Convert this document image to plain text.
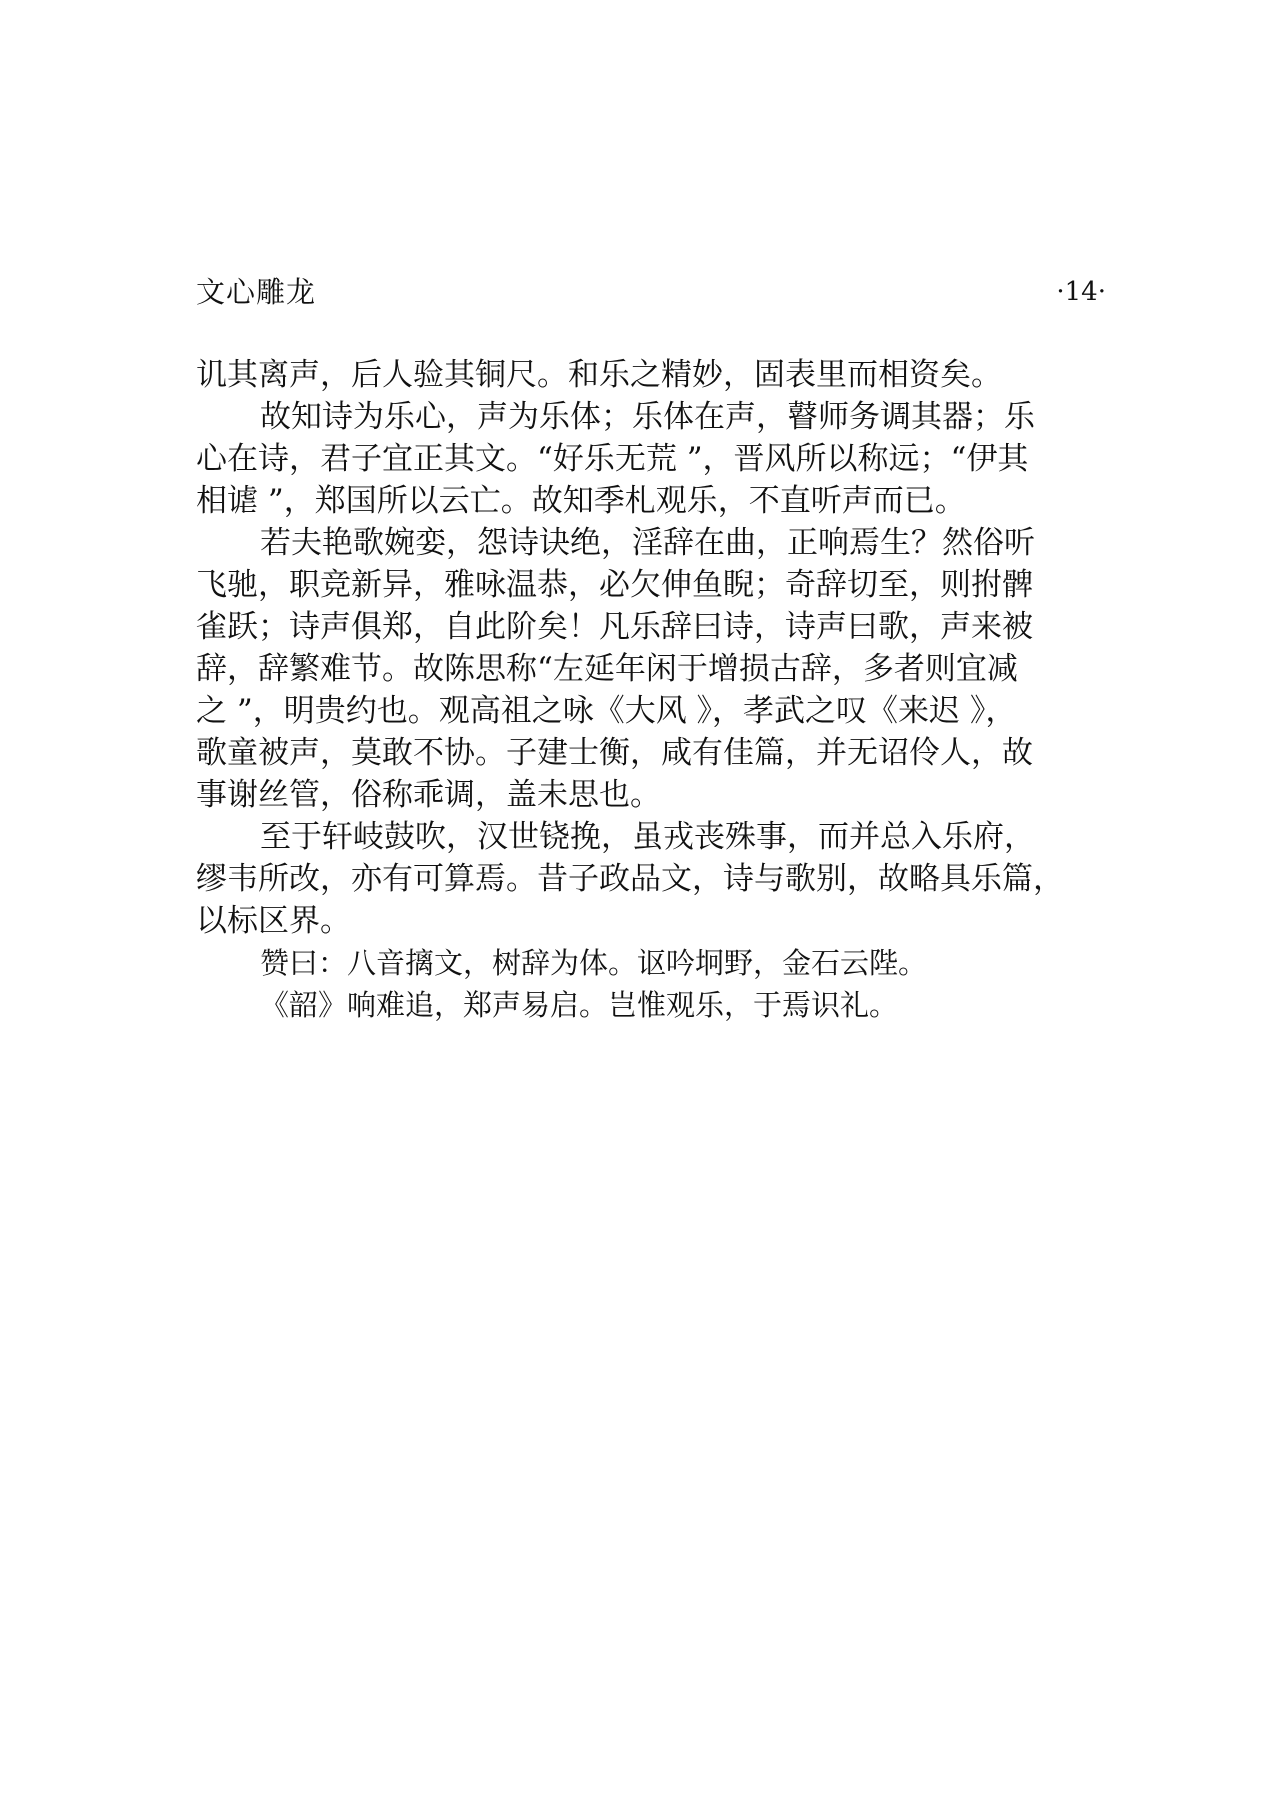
文心雕龙	·14·
讥其离声，后人验其铜尺。和乐之精妙，固表里而相资矣。
故知诗为乐心，声为乐体；乐体在声，瞽师务调其器；乐
心在诗，君子宜正其文。“好乐无荒 ”，晋风所以称远；“伊其
相谑 ”，郑国所以云亡。故知季札观乐，不直听声而已。
若夫艳歌婉娈，怨诗诀绝，淫辞在曲，正响焉生？然俗听
飞驰，职竞新异，雅咏温恭，必欠伸鱼睨；奇辞切至，则拊髀
雀跃；诗声俱郑，自此阶矣！凡乐辞曰诗，诗声曰歌，声来被
辞，辞繁难节。故陈思称“左延年闲于增损古辞，多者则宜减
之 ”，明贵约也。观高祖之咏《大风 》，孝武之叹《来迟 》，
歌童被声，莫敢不协。子建士衡，咸有佳篇，并无诏伶人，故
事谢丝管，俗称乖调，盖未思也。
至于轩岐鼓吹，汉世铙挽，虽戎丧殊事，而并总入乐府，
缪韦所改，亦有可算焉。昔子政品文，诗与歌别，故略具乐篇，
以标区界。
赞曰：八音摛文，树辞为体。讴吟坰野，金石云陛。
《韶》响难追，郑声易启。岂惟观乐，于焉识礼。
